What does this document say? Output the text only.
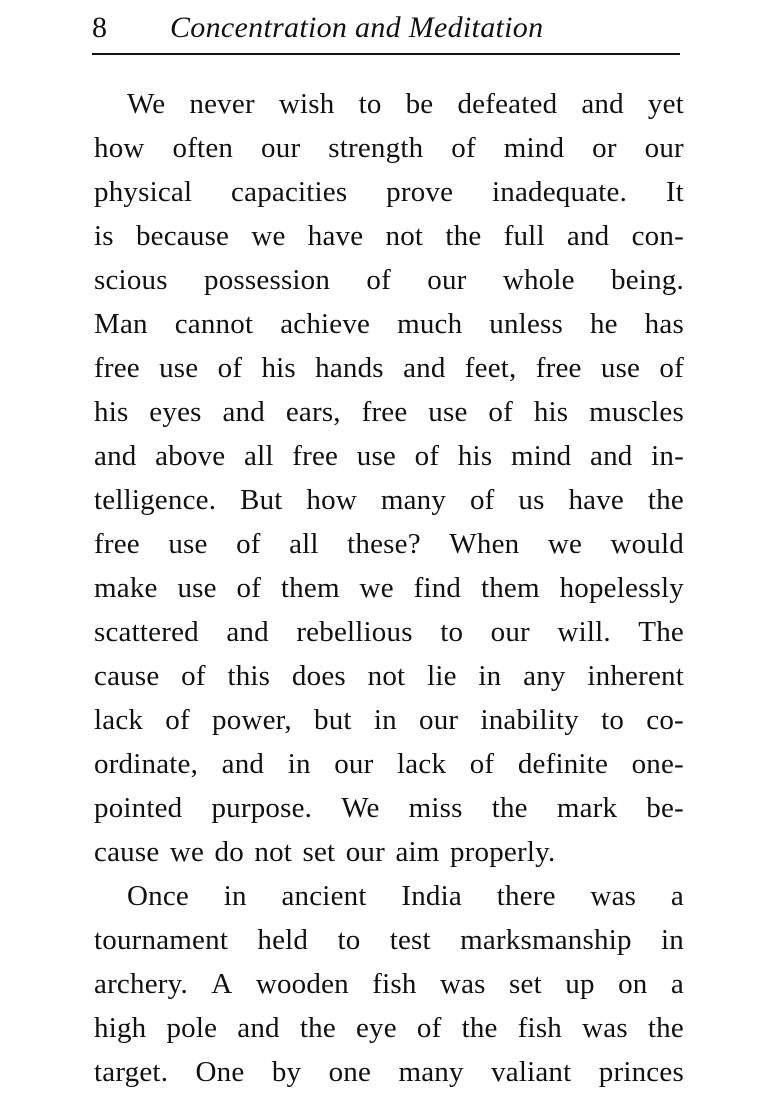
8 Concentration and Meditation
We never wish to be defeated and yet
how often our strength of mind or our
physical capacities prove inadequate. It
is because we have not the full and con-
scious possession of our whole being.
Man cannot achieve much unless he has
free use of his hands and feet, free use of
his eyes and ears, free use of his muscles
and above all free use of his mind and in-
telligence. But how many of us have the
free use of all these? When we would
make use of them we find them hopelessly
scattered and rebellious to our will. The
cause of this does not lie in any inherent
lack of power, but in our inability to co-
ordinate, and in our lack of definite one-
pointed purpose. We miss the mark be-
cause we do not set our aim properly.
Once in ancient India there was a
tournament held to test marksmanship in
archery. A wooden fish was set up on a
high pole and the eye of the fish was the
target. One by one many valiant princes
